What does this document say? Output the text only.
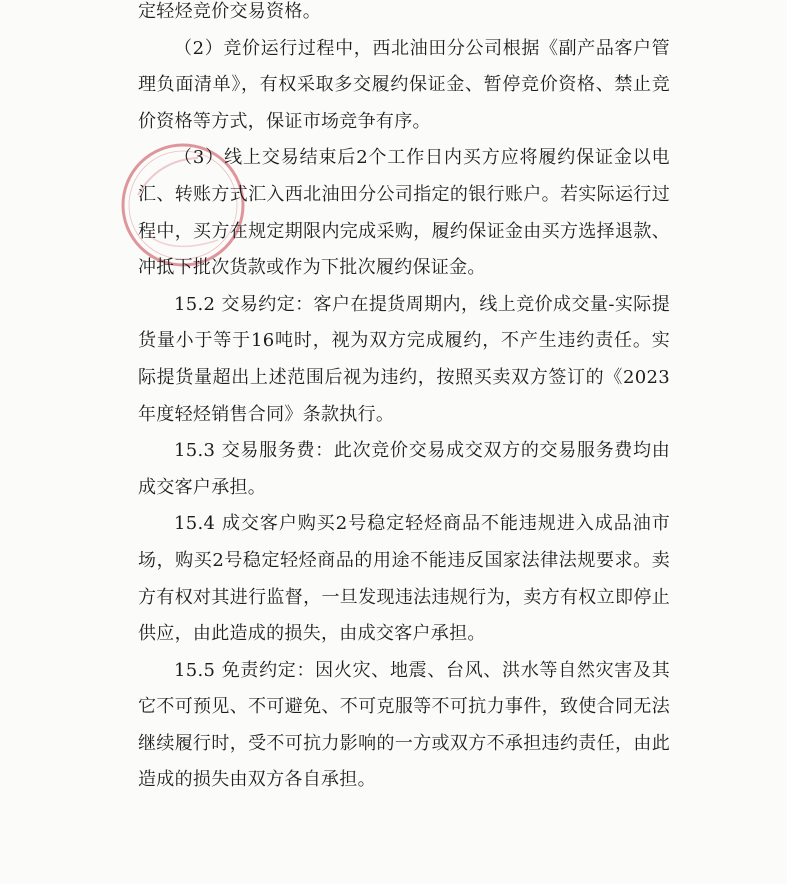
定轻烃竞价交易资格。

（2）竞价运行过程中，西北油田分公司根据《副产品客户管理负面清单》，有权采取多交履约保证金、暂停竞价资格、禁止竞价资格等方式，保证市场竞争有序。

（3）线上交易结束后2个工作日内买方应将履约保证金以电汇、转账方式汇入西北油田分公司指定的银行账户。若实际运行过程中，买方在规定期限内完成采购，履约保证金由买方选择退款、冲抵下批次货款或作为下批次履约保证金。

15.2 交易约定：客户在提货周期内，线上竞价成交量-实际提货量小于等于16吨时，视为双方完成履约，不产生违约责任。实际提货量超出上述范围后视为违约，按照买卖双方签订的《2023年度轻烃销售合同》条款执行。

15.3 交易服务费：此次竞价交易成交双方的交易服务费均由成交客户承担。

15.4 成交客户购买2号稳定轻烃商品不能违规进入成品油市场，购买2号稳定轻烃商品的用途不能违反国家法律法规要求。卖方有权对其进行监督，一旦发现违法违规行为，卖方有权立即停止供应，由此造成的损失，由成交客户承担。

15.5 免责约定：因火灾、地震、台风、洪水等自然灾害及其它不可预见、不可避免、不可克服等不可抗力事件，致使合同无法继续履行时，受不可抗力影响的一方或双方不承担违约责任，由此造成的损失由双方各自承担。
